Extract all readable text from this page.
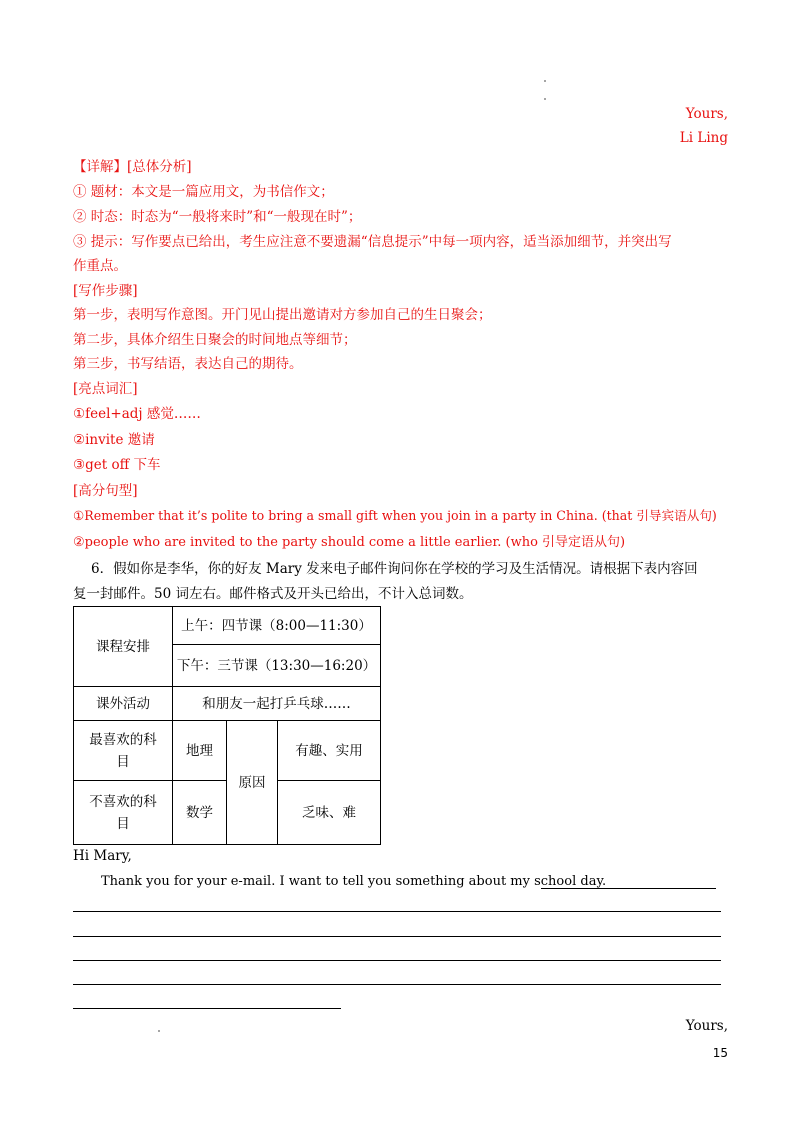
Yours,
Li Ling
【详解】[总体分析]
① 题材：本文是一篇应用文，为书信作文；
② 时态：时态为“一般将来时”和“一般现在时”；
③ 提示：写作要点已给出，考生应注意不要遗漏“信息提示”中每一项内容，适当添加细节，并突出写
作重点。
[写作步骤]
第一步，表明写作意图。开门见山提出邀请对方参加自己的生日聚会；
第二步，具体介绍生日聚会的时间地点等细节；
第三步，书写结语，表达自己的期待。
[亮点词汇]
①feel+adj 感觉……
②invite 邀请
③get off 下车
[高分句型]
①Remember that it’s polite to bring a small gift when you join in a party in China. (that 引导宾语从句)
②people who are invited to the party should come a little earlier. (who 引导定语从句)
6．假如你是李华，你的好友 Mary 发来电子邮件询问你在学校的学习及生活情况。请根据下表内容回
复一封邮件。50 词左右。邮件格式及开头已给出，不计入总词数。
课程安排	上午：四节课（8:00—11:30）		
	下午：三节课（13:30—16:20）		
课外活动	和朋友一起打乒乓球……		

最喜欢的科
目	地理	原因	有趣、实用

不喜欢的科
目	数学		乏味、难
Hi Mary,
Thank you for your e-mail. I want to tell you something about my school day.
Yours,
15
